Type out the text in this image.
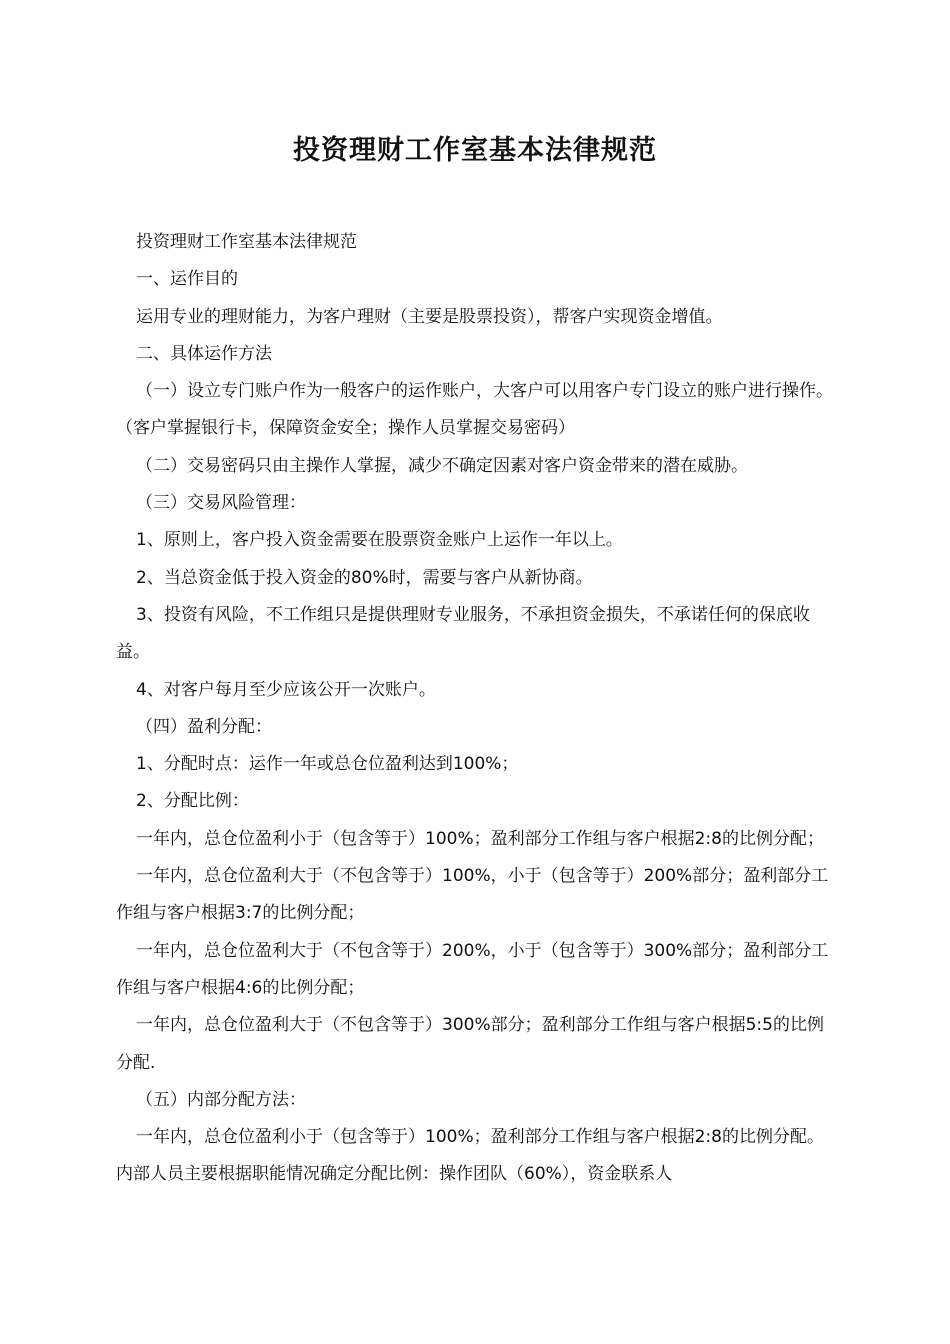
投资理财工作室基本法律规范

投资理财工作室基本法律规范

一、运作目的

运用专业的理财能力，为客户理财（主要是股票投资），帮客户实现资金增值。

二、具体运作方法

（一）设立专门账户作为一般客户的运作账户，大客户可以用客户专门设立的账户进行操作。（客户掌握银行卡，保障资金安全；操作人员掌握交易密码）

（二）交易密码只由主操作人掌握，减少不确定因素对客户资金带来的潜在威胁。

（三）交易风险管理：

1、原则上，客户投入资金需要在股票资金账户上运作一年以上。

2、当总资金低于投入资金的80%时，需要与客户从新协商。

3、投资有风险，不工作组只是提供理财专业服务，不承担资金损失，不承诺任何的保底收益。

4、对客户每月至少应该公开一次账户。

（四）盈利分配：

1、分配时点：运作一年或总仓位盈利达到100%；

2、分配比例：

一年内，总仓位盈利小于（包含等于）100%；盈利部分工作组与客户根据2:8的比例分配；

一年内，总仓位盈利大于（不包含等于）100%，小于（包含等于）200%部分；盈利部分工作组与客户根据3:7的比例分配；

一年内，总仓位盈利大于（不包含等于）200%，小于（包含等于）300%部分；盈利部分工作组与客户根据4:6的比例分配；

一年内，总仓位盈利大于（不包含等于）300%部分；盈利部分工作组与客户根据5:5的比例分配.

（五）内部分配方法：

一年内，总仓位盈利小于（包含等于）100%；盈利部分工作组与客户根据2:8的比例分配。内部人员主要根据职能情况确定分配比例：操作团队（60%），资金联系人
